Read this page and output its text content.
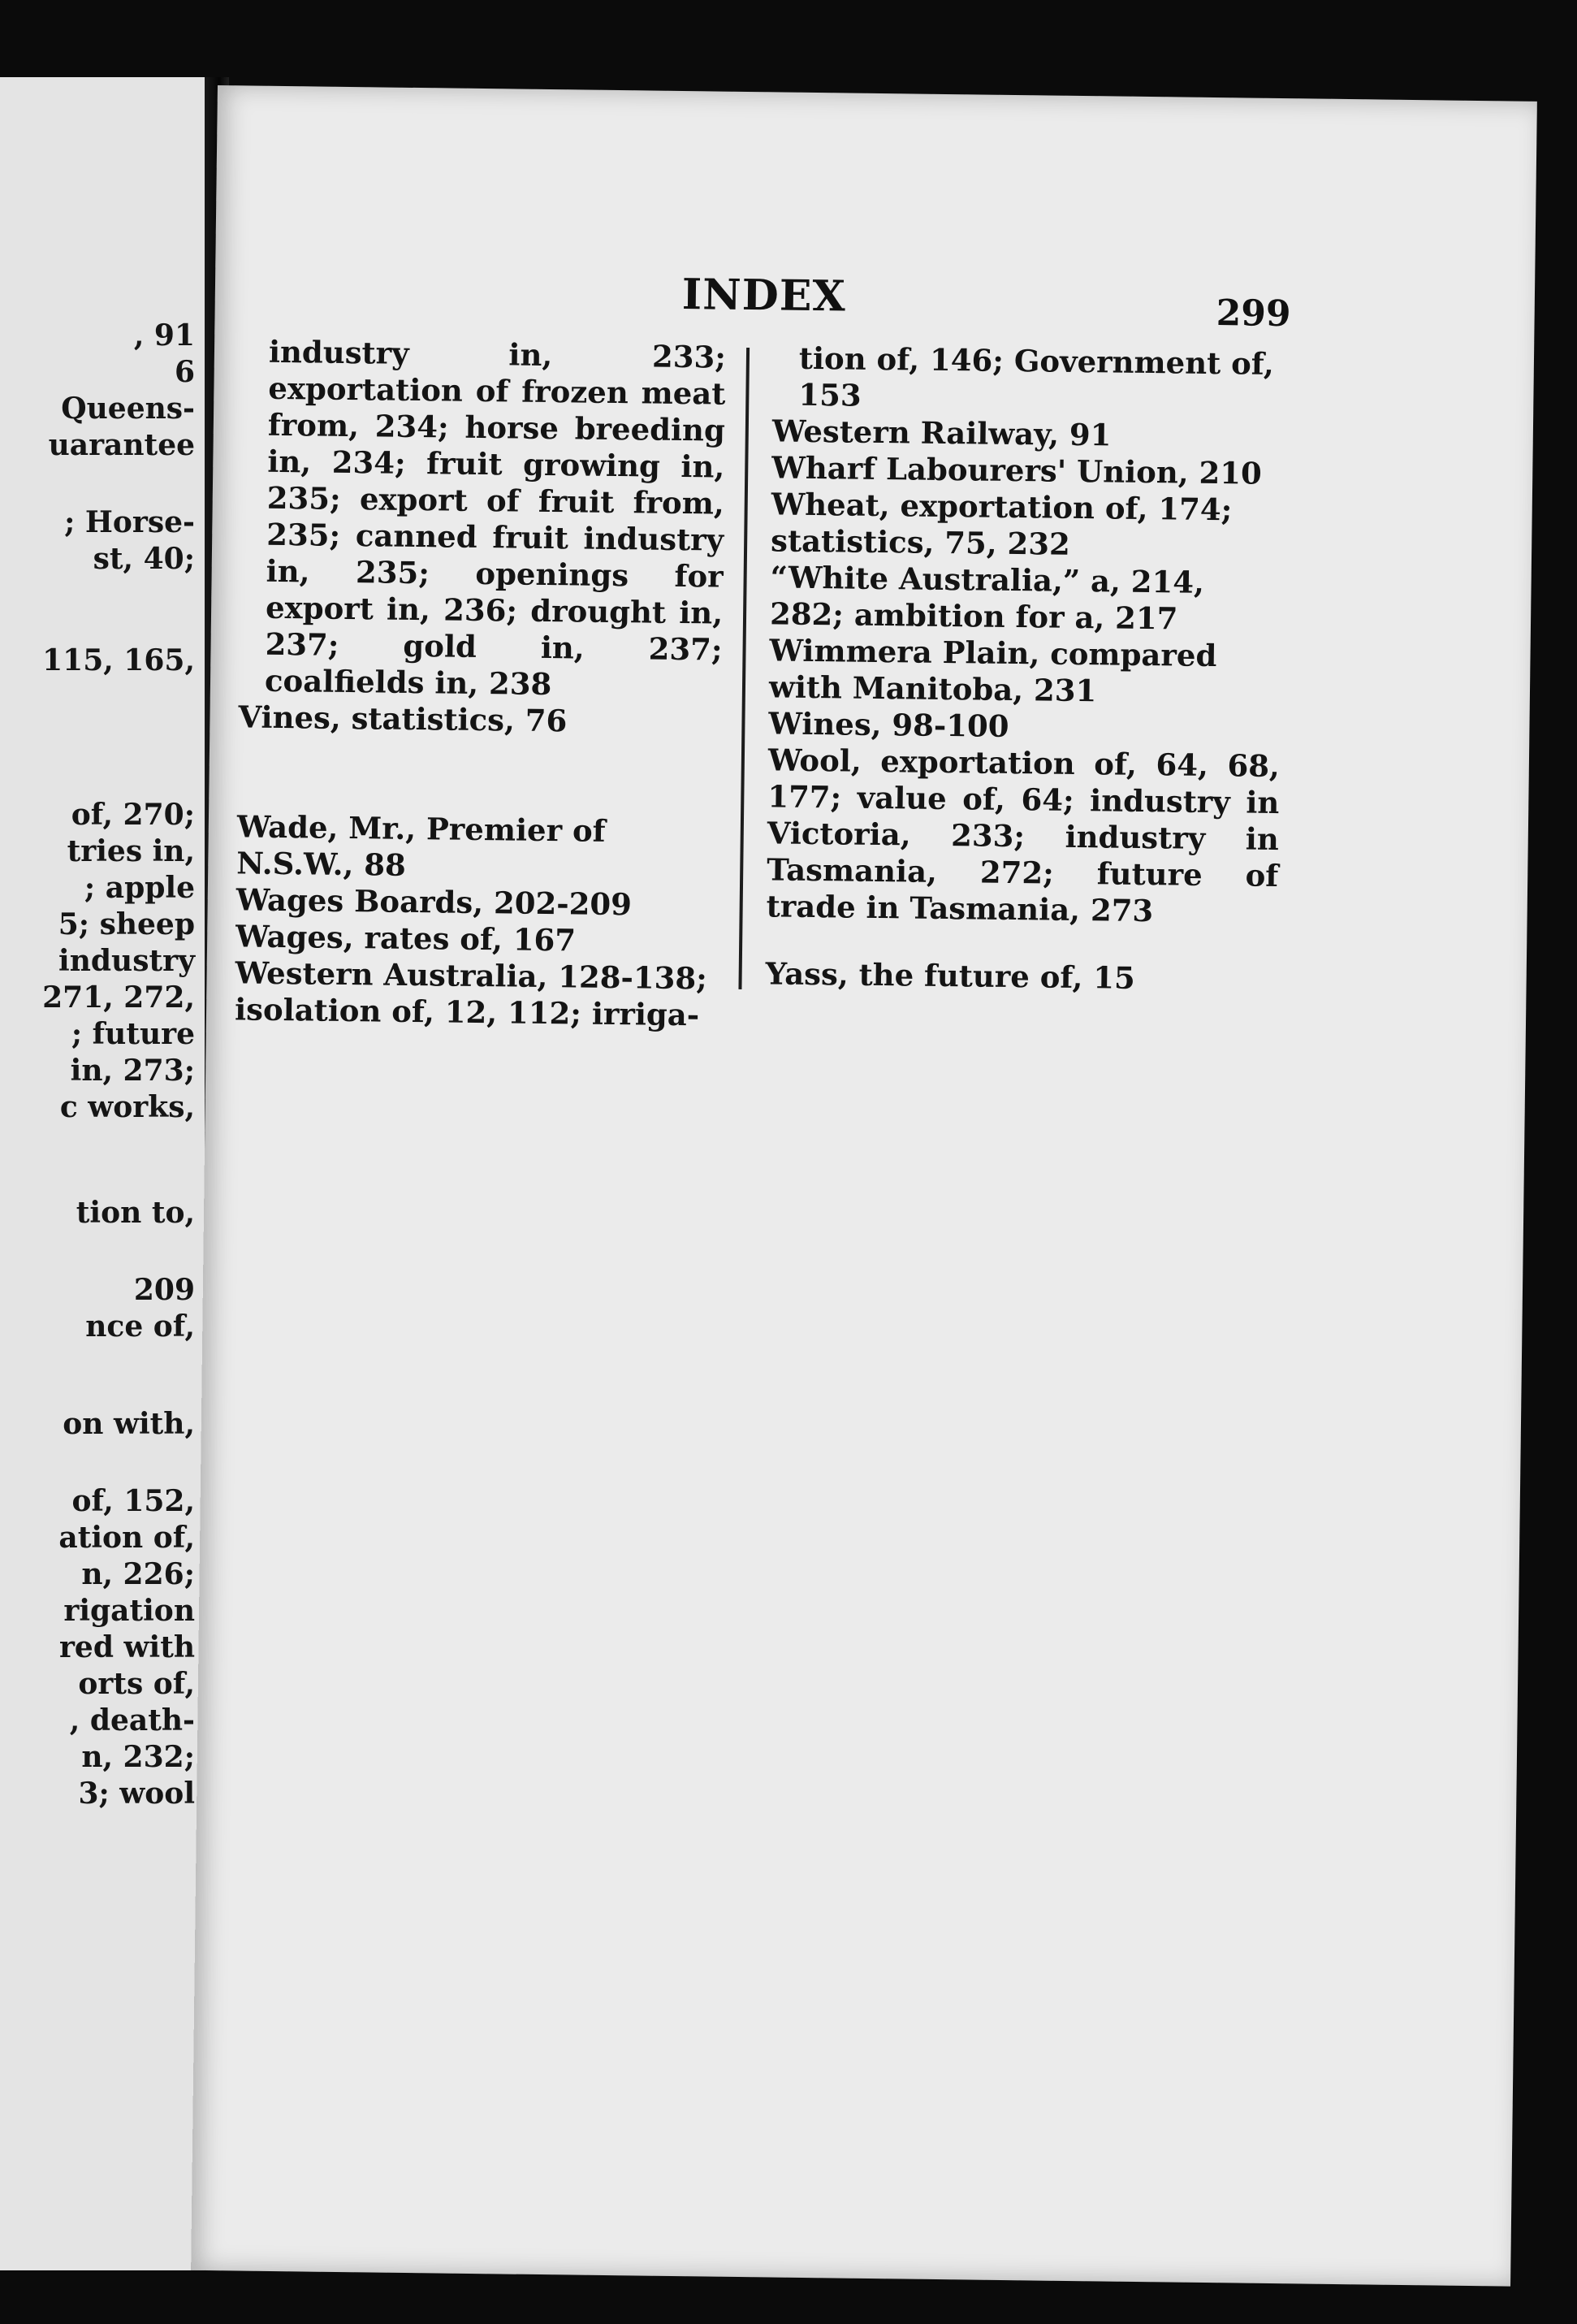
, 91
6
Queens-
uarantee
; Horse-
st, 40;
115, 165,
of, 270;
tries in,
; apple
5; sheep
industry
271, 272,
; future
in, 273;
c works,
tion to,
209
nce of,
on with,
of, 152,
ation of,
n, 226;
rigation
red with
orts of,
, death-
n, 232;
3; wool
INDEX	299

industry in, 233; exportation of frozen meat from, 234; horse breeding in, 234; fruit growing in, 235; export of fruit from, 235; canned fruit industry in, 235; openings for export in, 236; drought in, 237; gold in, 237; coalfields in, 238

Vines, statistics, 76

Wade, Mr., Premier of N.S.W., 88

Wages Boards, 202-209

Wages, rates of, 167

Western Australia, 128-138; isolation of, 12, 112; irriga-

tion of, 146; Government of, 153

Western Railway, 91

Wharf Labourers' Union, 210

Wheat, exportation of, 174; statistics, 75, 232

“White Australia,” a, 214, 282; ambition for a, 217

Wimmera Plain, compared with Manitoba, 231

Wines, 98-100

Wool, exportation of, 64, 68, 177; value of, 64; industry in Victoria, 233; industry in Tasmania, 272; future of trade in Tasmania, 273

Yass, the future of, 15
